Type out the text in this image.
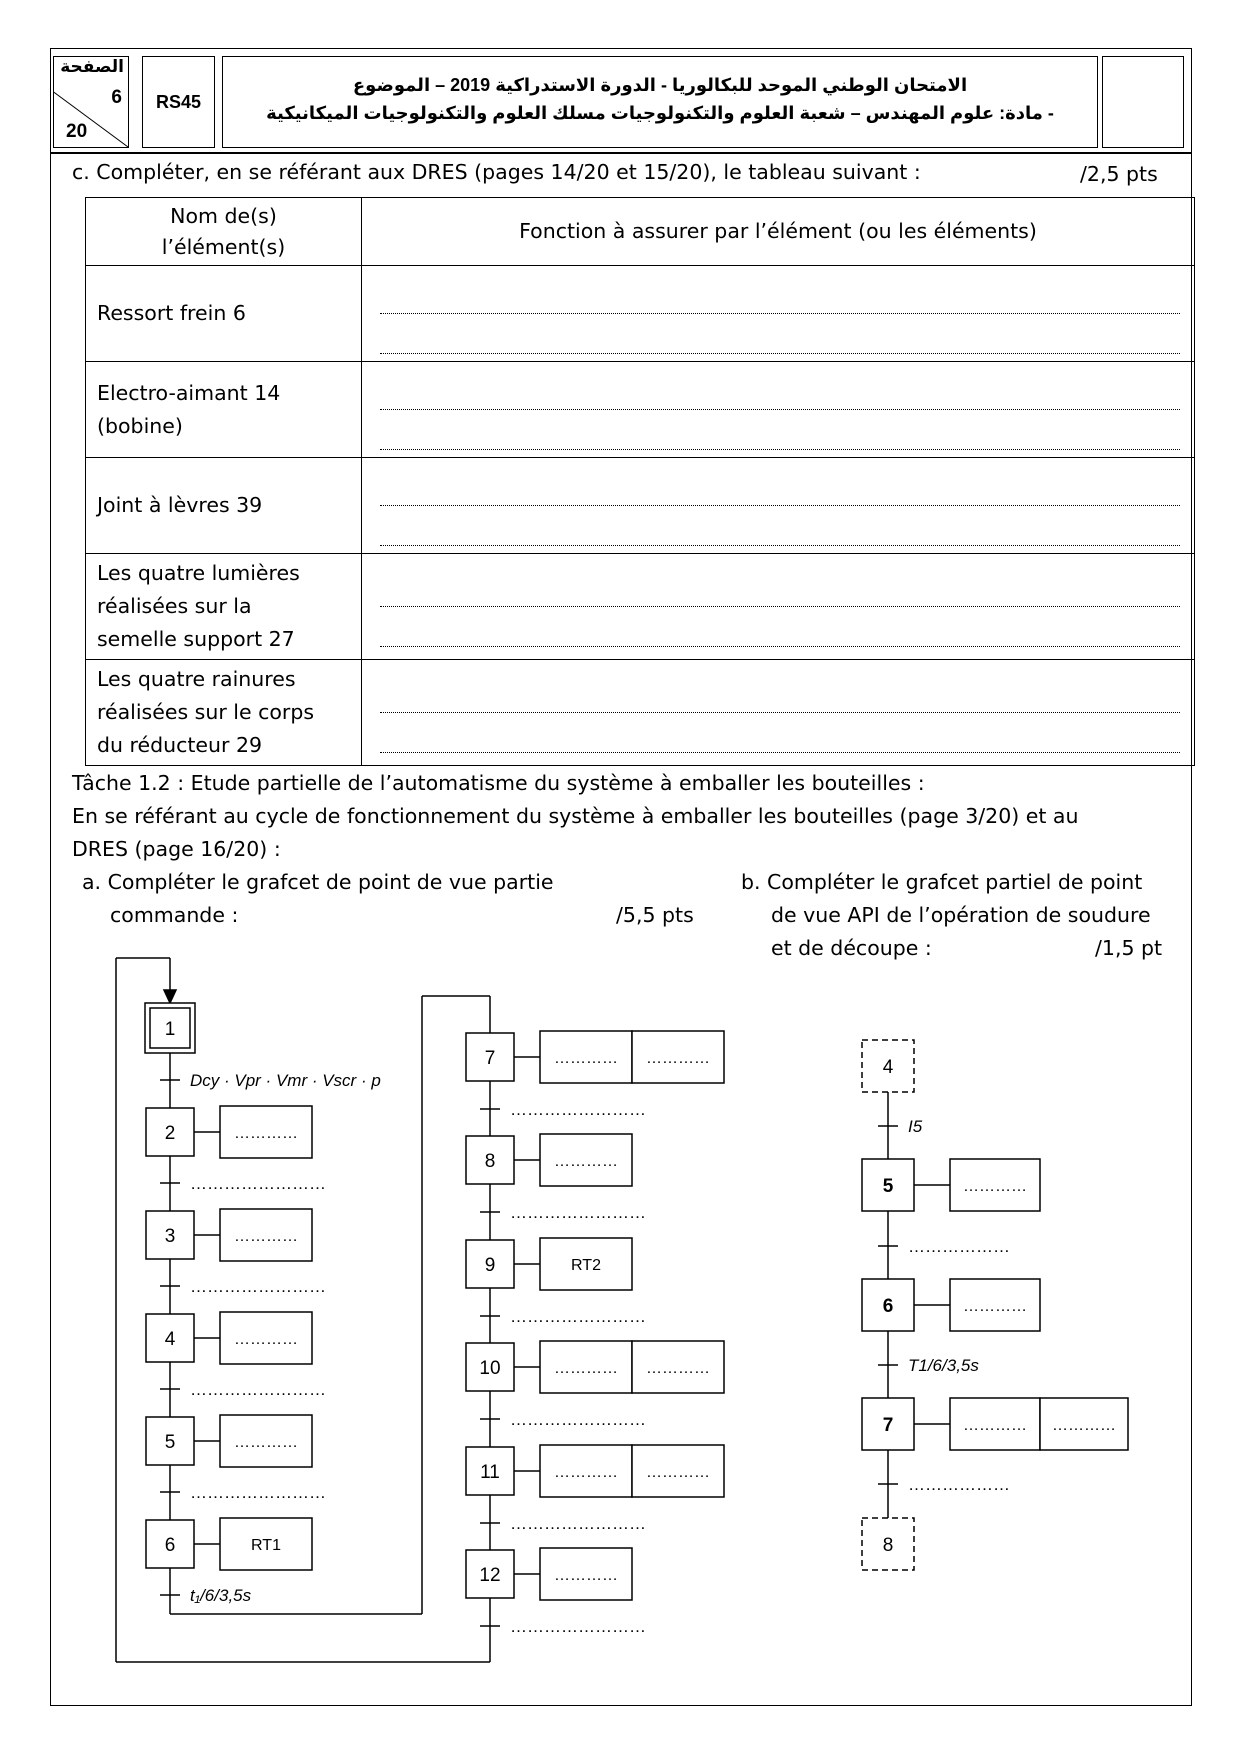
الصفحة
6
20
RS45
الامتحان الوطني الموحد للبكالوريا - الدورة الاستدراكية 2019 – الموضوع
- مادة: علوم المهندس – شعبة العلوم والتكنولوجيات مسلك العلوم والتكنولوجيات الميكانيكية
c. Compléter, en se référant aux DRES (pages 14/20 et 15/20), le tableau suivant :	/2,5 pts
Nom de(s)
l’élément(s)	Fonction à assurer par l’élément (ou les éléments)

Ressort frein 6	

Electro-aimant 14
(bobine)	

Joint à lèvres 39	

Les quatre lumières
réalisées sur la
semelle support 27	

Les quatre rainures
réalisées sur le corps
du réducteur 29	

Tâche 1.2 : Etude partielle de l’automatisme du système à emballer les bouteilles :
En se référant au cycle de fonctionnement du système à emballer les bouteilles (page 3/20) et au
DRES (page 16/20) :
a. Compléter le grafcet de point de vue partie
commande :	/5,5 pts
b. Compléter le grafcet partiel de point
de vue API de l’opération de soudure
et de découpe :	/1,5 pt
1
2
3
4
5
6
…………
…………
…………
…………
RT1
Dcy · Vpr · Vmr · Vscr · p
……………………
……………………
……………………
……………………
t₁/6/3,5s
7
8
9
10
11
12
………… …………
…………
RT2
………… …………
………… …………
…………
……………………
……………………
……………………
……………………
……………………
……………………
4
5
6
7
8
…………
…………
………… …………
I5
………………
T1/6/3,5s
………………
